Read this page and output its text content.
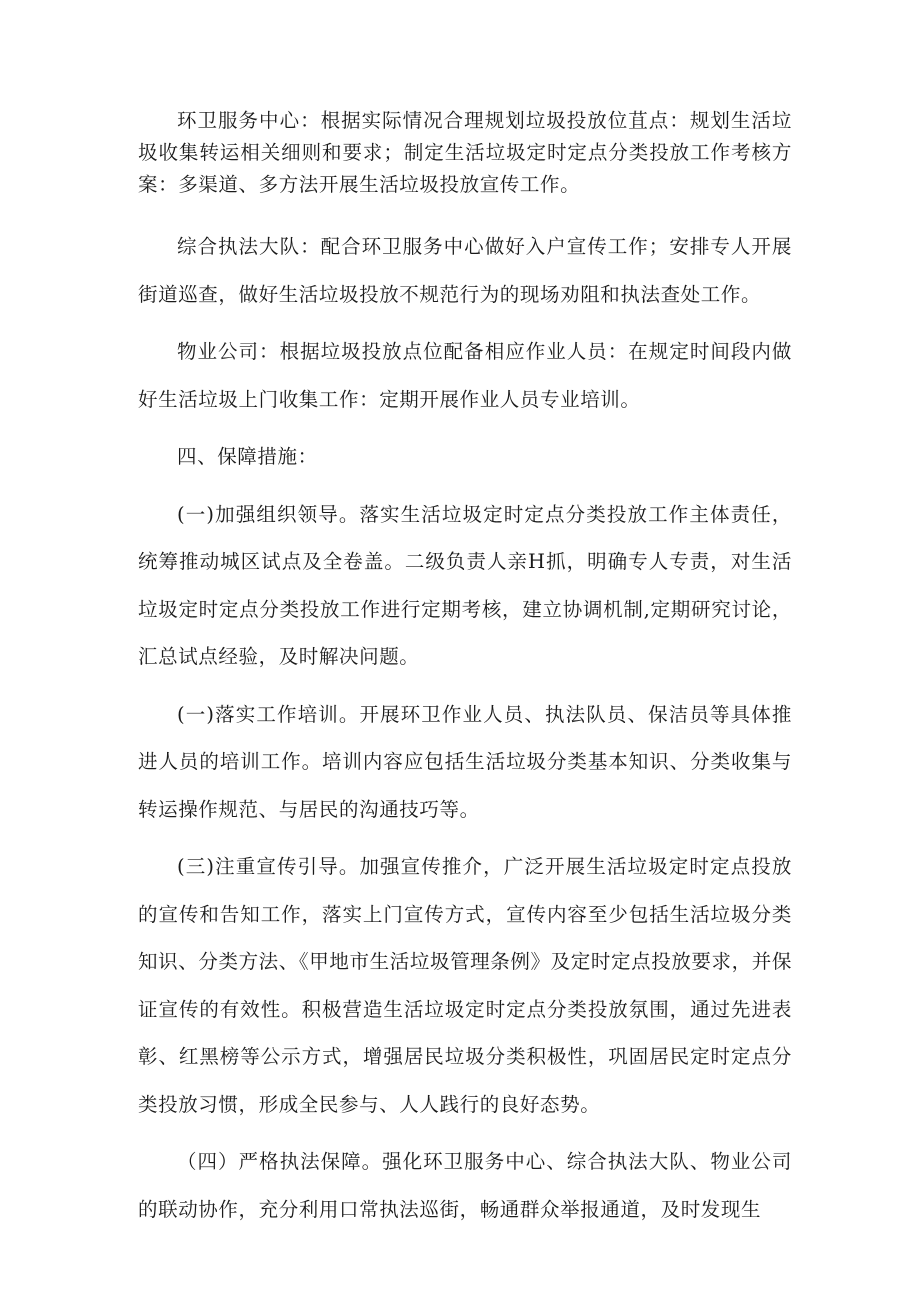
环卫服务中心：根据实际情况合理规划垃圾投放位苴点：规划生活垃圾收集转运相关细则和要求；制定生活垃圾定时定点分类投放工作考核方案：多渠道、多方法开展生活垃圾投放宣传工作。

综合执法大队：配合环卫服务中心做好入户宣传工作；安排专人开展街道巡查，做好生活垃圾投放不规范行为的现场劝阻和执法查处工作。

物业公司：根据垃圾投放点位配备相应作业人员：在规定时间段内做好生活垃圾上门收集工作：定期开展作业人员专业培训。

四、保障措施：

(一)加强组织领导。落实生活垃圾定时定点分类投放工作主体责任，统筹推动城区试点及全卷盖。二级负责人亲H抓，明确专人专责，对生活垃圾定时定点分类投放工作进行定期考核，建立协调机制,定期研究讨论，汇总试点经验，及时解决问题。

(一)落实工作培训。开展环卫作业人员、执法队员、保洁员等具体推进人员的培训工作。培训内容应包括生活垃圾分类基本知识、分类收集与转运操作规范、与居民的沟通技巧等。

(三)注重宣传引导。加强宣传推介，广泛开展生活垃圾定时定点投放的宣传和告知工作，落实上门宣传方式，宣传内容至少包括生活垃圾分类知识、分类方法、《甲地市生活垃圾管理条例》及定时定点投放要求，并保证宣传的有效性。积极营造生活垃圾定时定点分类投放氛围，通过先进表彰、红黑榜等公示方式，增强居民垃圾分类积极性，巩固居民定时定点分类投放习惯，形成全民参与、人人践行的良好态势。

（四）严格执法保障。强化环卫服务中心、综合执法大队、物业公司的联动协作，充分利用口常执法巡街，畅通群众举报通道，及时发现生
